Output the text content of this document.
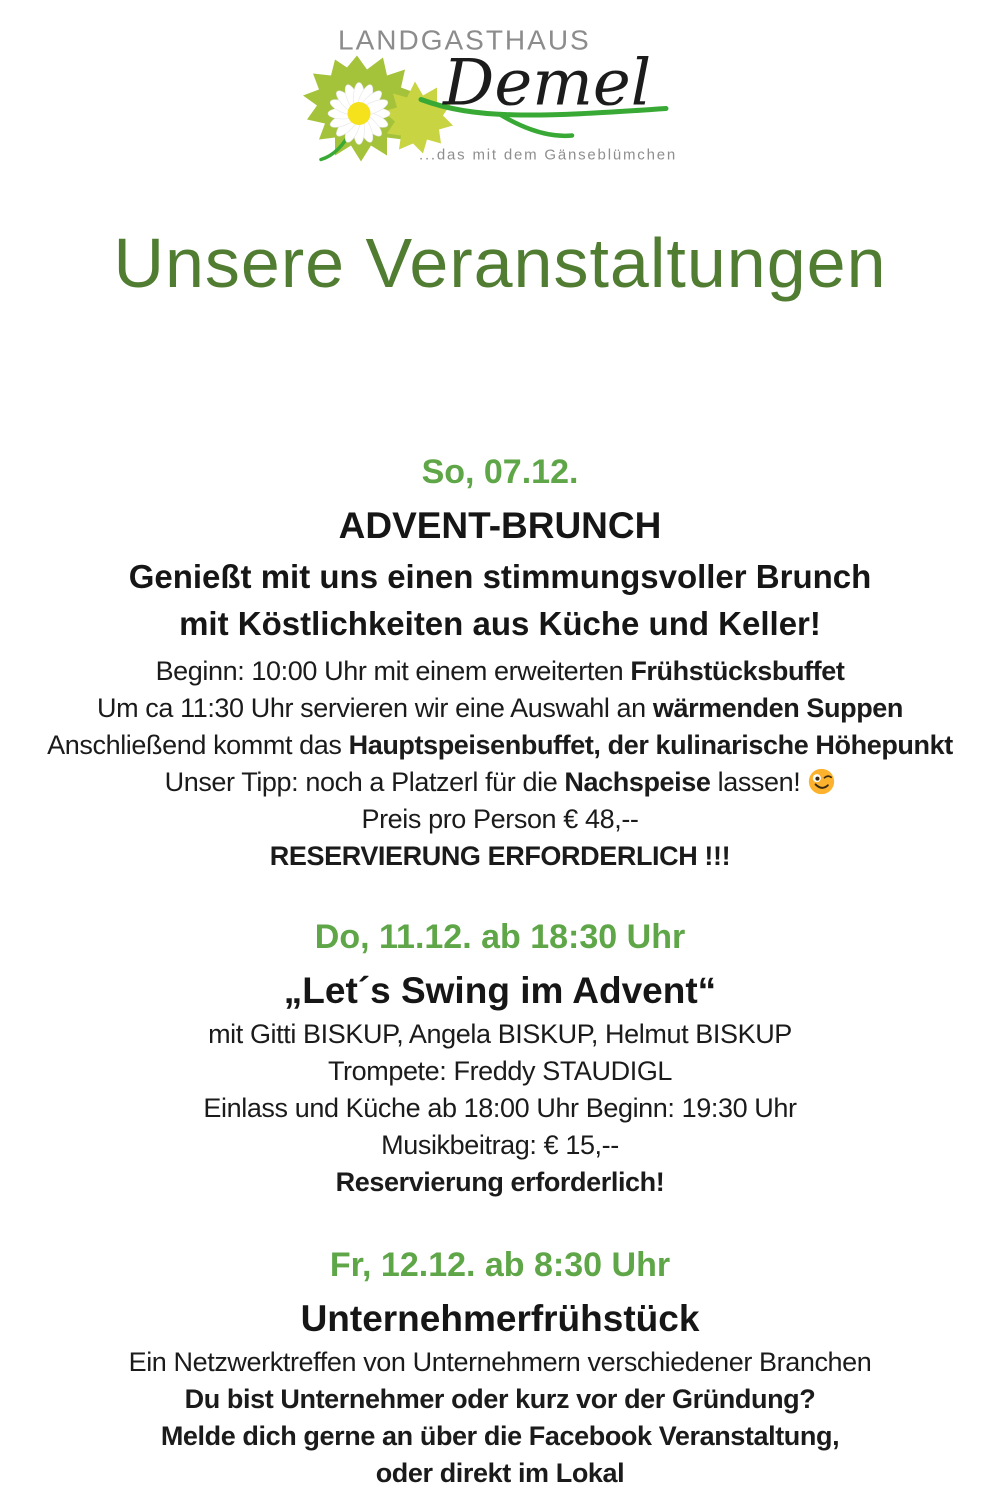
LANDGASTHAUS
Demel
...das mit dem Gänseblümchen
Unsere Veranstaltungen
So, 07.12.
ADVENT-BRUNCH
Genießt mit uns einen stimmungsvoller Brunch
mit Köstlichkeiten aus Küche und Keller!
Beginn: 10:00 Uhr mit einem erweiterten Frühstücksbuffet
Um ca 11:30 Uhr servieren wir eine Auswahl an wärmenden Suppen
Anschließend kommt das Hauptspeisenbuffet, der kulinarische Höhepunkt
Unser Tipp: noch a Platzerl für die Nachspeise lassen!
Preis pro Person € 48,--
RESERVIERUNG ERFORDERLICH !!!
Do, 11.12. ab 18:30 Uhr
„Let´s Swing im Advent“
mit Gitti BISKUP, Angela BISKUP, Helmut BISKUP
Trompete: Freddy STAUDIGL
Einlass und Küche ab 18:00 Uhr Beginn: 19:30 Uhr
Musikbeitrag: € 15,--
Reservierung erforderlich!
Fr, 12.12. ab 8:30 Uhr
Unternehmerfrühstück
Ein Netzwerktreffen von Unternehmern verschiedener Branchen
Du bist Unternehmer oder kurz vor der Gründung?
Melde dich gerne an über die Facebook Veranstaltung,
oder direkt im Lokal
